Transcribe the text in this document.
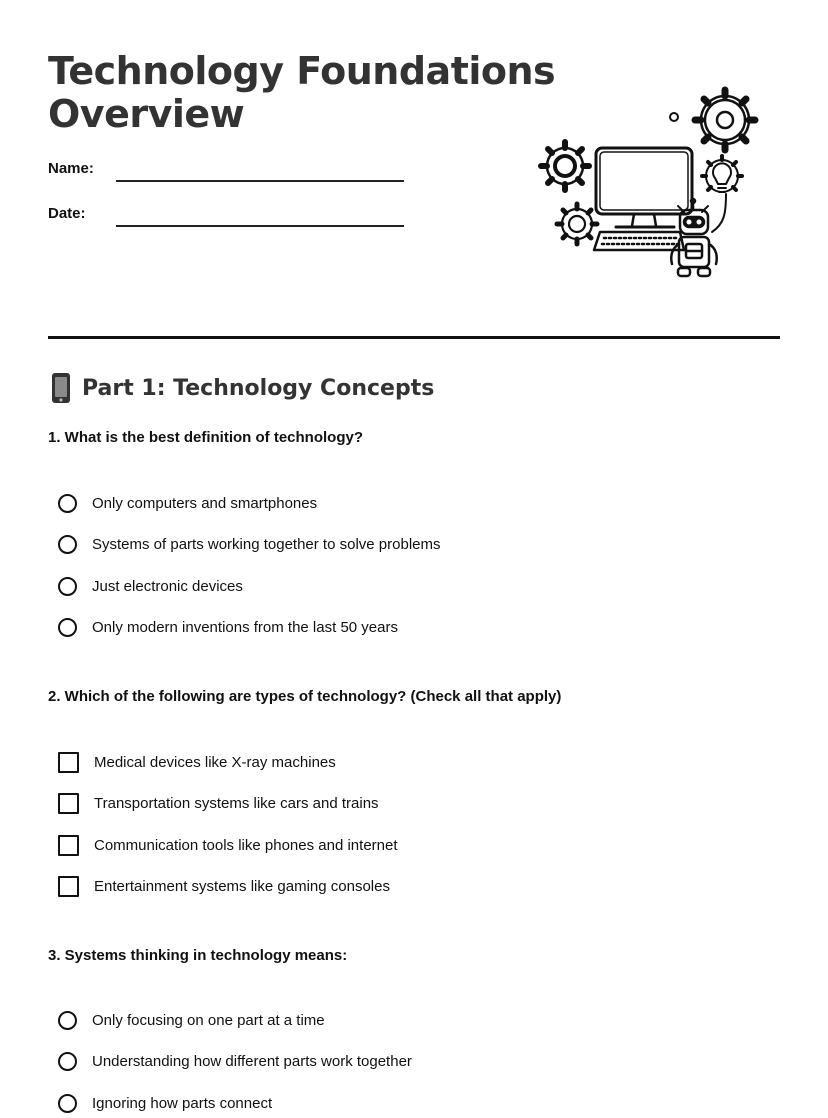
Technology Foundations
Overview
Name:
Date:
Part 1: Technology Concepts

1. What is the best definition of technology?

Only computers and smartphones
Systems of parts working together to solve problems
Just electronic devices
Only modern inventions from the last 50 years

2. Which of the following are types of technology? (Check all that apply)

Medical devices like X-ray machines
Transportation systems like cars and trains
Communication tools like phones and internet
Entertainment systems like gaming consoles

3. Systems thinking in technology means:

Only focusing on one part at a time
Understanding how different parts work together
Ignoring how parts connect
